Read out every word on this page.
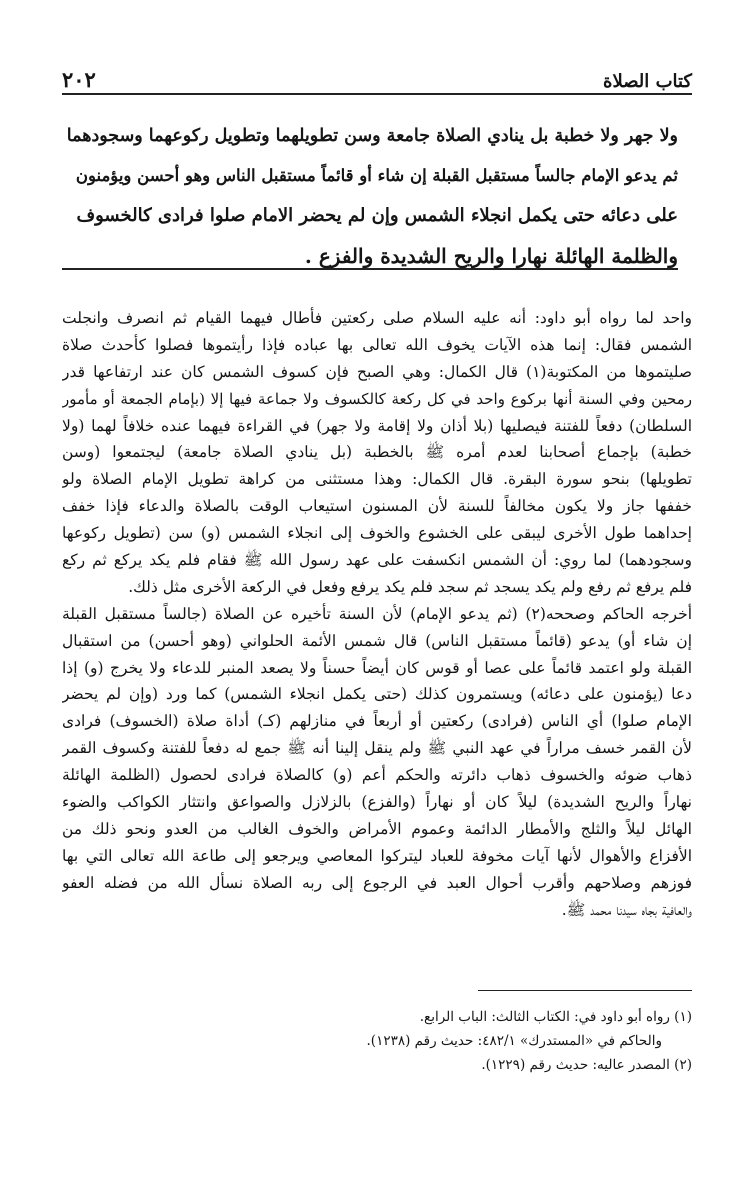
كتاب الصلاة
٢٠٢
ولا جهر ولا خطبة بل ينادي الصلاة جامعة وسن تطويلهما وتطويل ركوعهما وسجودهما
ثم يدعو الإمام جالساً مستقبل القبلة إن شاء أو قائماً مستقبل الناس وهو أحسن ويؤمنون
على دعائه حتى يكمل انجلاء الشمس وإن لم يحضر الامام صلوا فرادى كالخسوف
والظلمة الهائلة نهارا والريح الشديدة والفزع .
واحد لما رواه أبو داود: أنه عليه السلام صلى ركعتين فأطال فيهما القيام ثم انصرف وانجلت
الشمس فقال: إنما هذه الآيات يخوف الله تعالى بها عباده فإذا رأيتموها فصلوا كأحدث صلاة
صليتموها من المكتوبة(١) قال الكمال: وهي الصبح فإن كسوف الشمس كان عند ارتفاعها قدر
رمحين وفي السنة أنها بركوع واحد في كل ركعة كالكسوف ولا جماعة فيها إلا (بإمام الجمعة أو مأمور
السلطان) دفعاً للفتنة فيصليها (بلا أذان ولا إقامة ولا جهر) في القراءة فيهما عنده خلافاً لهما (ولا
خطبة) بإجماع أصحابنا لعدم أمره ﷺ بالخطبة (بل ينادي الصلاة جامعة) ليجتمعوا (وسن
تطويلها) بنحو سورة البقرة. قال الكمال: وهذا مستثنى من كراهة تطويل الإمام الصلاة ولو
خففها جاز ولا يكون مخالفاً للسنة لأن المسنون استيعاب الوقت بالصلاة والدعاء فإذا خفف
إحداهما طول الأخرى ليبقى على الخشوع والخوف إلى انجلاء الشمس (و) سن (تطويل ركوعها
وسجودهما) لما روي: أن الشمس انكسفت على عهد رسول الله ﷺ فقام فلم يكد يركع ثم ركع
فلم يرفع ثم رفع ولم يكد يسجد ثم سجد فلم يكد يرفع وفعل في الركعة الأخرى مثل ذلك.
أخرجه الحاكم وصححه(٢) (ثم يدعو الإمام) لأن السنة تأخيره عن الصلاة (جالساً مستقبل القبلة
إن شاء أو) يدعو (قائماً مستقبل الناس) قال شمس الأئمة الحلواني (وهو أحسن) من استقبال
القبلة ولو اعتمد قائماً على عصا أو قوس كان أيضاً حسناً ولا يصعد المنبر للدعاء ولا يخرج (و) إذا
دعا (يؤمنون على دعائه) ويستمرون كذلك (حتى يكمل انجلاء الشمس) كما ورد (وإن لم يحضر
الإمام صلوا) أي الناس (فرادى) ركعتين أو أربعاً في منازلهم (كـ) أداة صلاة (الخسوف) فرادى
لأن القمر خسف مراراً في عهد النبي ﷺ ولم ينقل إلينا أنه ﷺ جمع له دفعاً للفتنة وكسوف القمر
ذهاب ضوئه والخسوف ذهاب دائرته والحكم أعم (و) كالصلاة فرادى لحصول (الظلمة الهائلة
نهاراً والريح الشديدة) ليلاً كان أو نهاراً (والفزع) بالزلازل والصواعق وانتثار الكواكب والضوء
الهائل ليلاً والثلج والأمطار الدائمة وعموم الأمراض والخوف الغالب من العدو ونحو ذلك من
الأفزاع والأهوال لأنها آيات مخوفة للعباد ليتركوا المعاصي ويرجعو إلى طاعة الله تعالى التي بها
فوزهم وصلاحهم وأقرب أحوال العبد في الرجوع إلى ربه الصلاة نسأل الله من فضله العفو
والعافية بجاه سيدنا محمد ﷺ.
(١) رواه أبو داود في: الكتاب الثالث: الباب الرابع.
والحاكم في «المستدرك» ٤٨٢/١: حديث رقم (١٢٣٨).
(٢) المصدر عاليه: حديث رقم (١٢٢٩).
